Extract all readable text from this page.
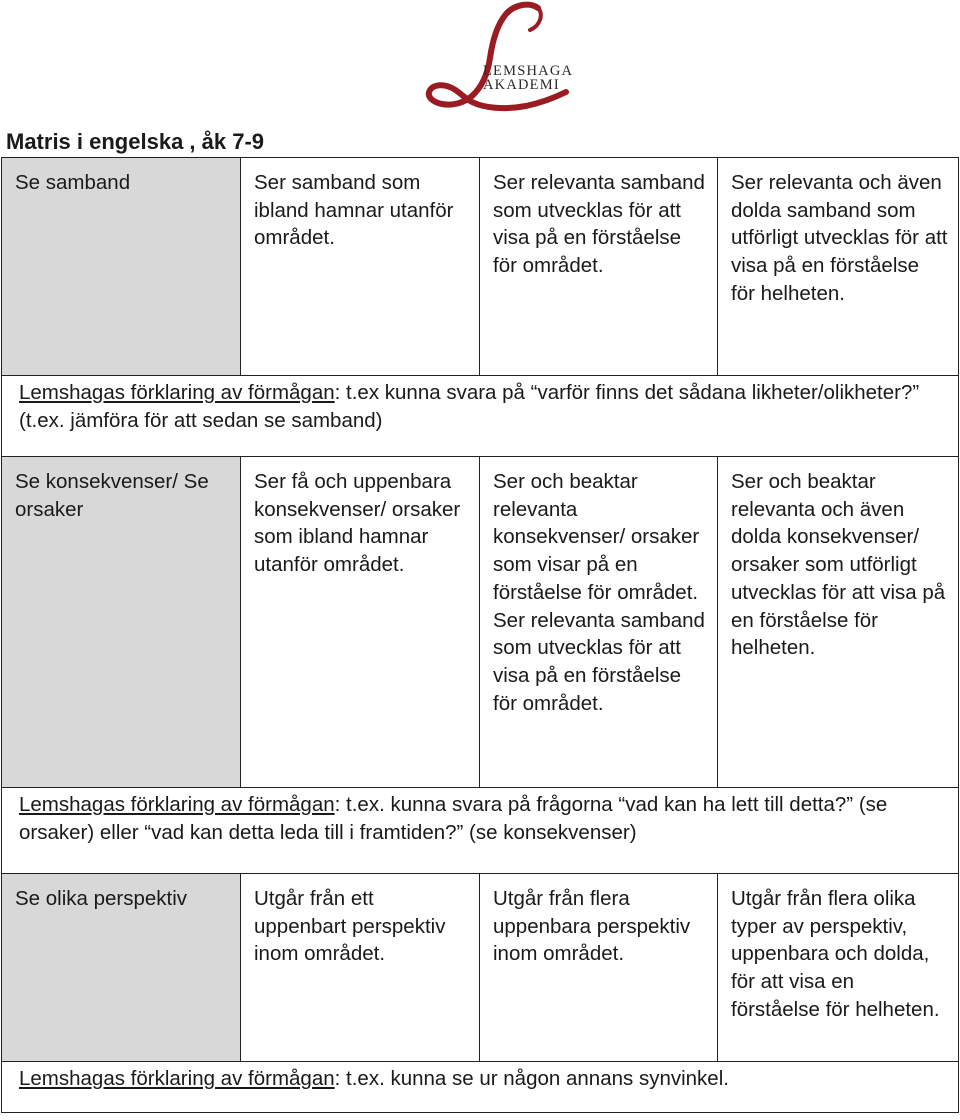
LEMSHAGA
AKADEMI
Matris i engelska , åk 7-9
Se samband	Ser samband som ibland hamnar utanför området.	Ser relevanta samband som utvecklas för att visa på en förståelse för området.	Ser relevanta och även dolda samband som utförligt utvecklas för att visa på en förståelse för helheten.
Lemshagas förklaring av förmågan: t.ex kunna svara på “varför finns det sådana likheter/olikheter?” (t.ex. jämföra för att sedan se samband)			
Se konsekvenser/ Se orsaker	Ser få och uppenbara konsekvenser/ orsaker som ibland hamnar utanför området.	Ser och beaktar relevanta konsekvenser/ orsaker som visar på en förståelse för området. Ser relevanta samband som utvecklas för att visa på en förståelse för området.	Ser och beaktar relevanta och även dolda konsekvenser/ orsaker som utförligt utvecklas för att visa på en förståelse för helheten.
Lemshagas förklaring av förmågan: t.ex. kunna svara på frågorna “vad kan ha lett till detta?” (se orsaker) eller “vad kan detta leda till i framtiden?” (se konsekvenser)			
Se olika perspektiv	Utgår från ett uppenbart perspektiv inom området.	Utgår från flera uppenbara perspektiv inom området.	Utgår från flera olika typer av perspektiv, uppenbara och dolda, för att visa en förståelse för helheten.
Lemshagas förklaring av förmågan: t.ex. kunna se ur någon annans synvinkel.			
